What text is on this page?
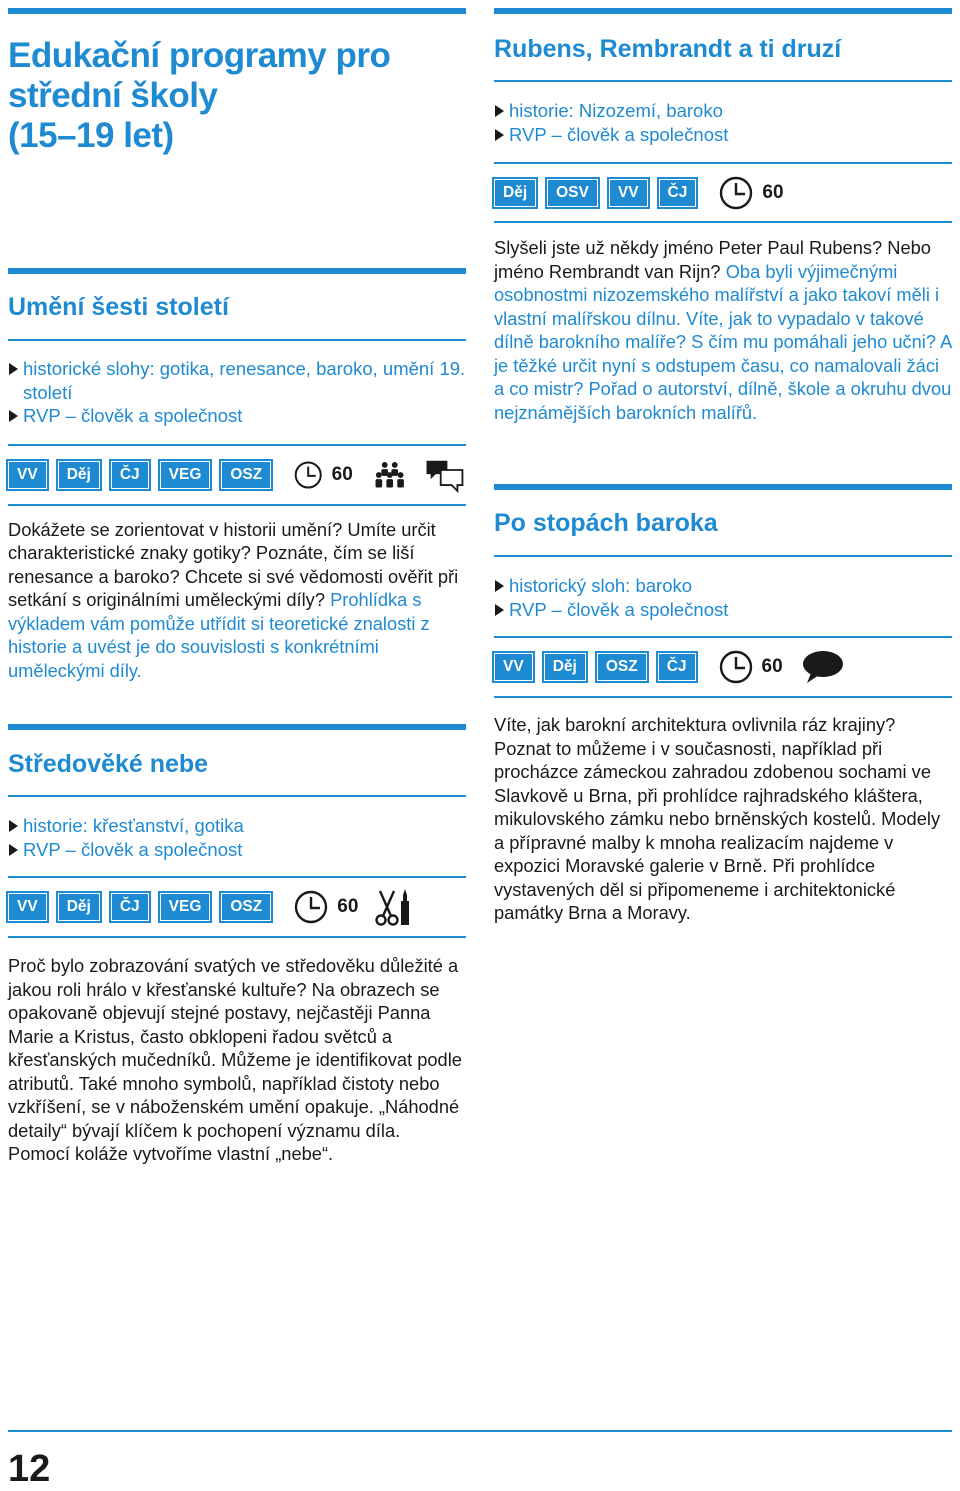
Edukační programy pro
střední školy
(15–19 let)
Umění šesti století
historické slohy: gotika, renesance, baroko, umění 19. století
RVP – člověk a společnost
VV	Děj	ČJ	VEG	OSZ	60
Dokážete se zorientovat v historii umění? Umíte určit charakteristické znaky gotiky? Poznáte, čím se liší renesance a baroko? Chcete si své vědomosti ověřit při setkání s originálními uměleckými díly? Prohlídka s výkladem vám pomůže utřídit si teoretické znalosti z historie a uvést je do souvislosti s konkrétními uměleckými díly.
Středověké nebe
historie: křesťanství, gotika
RVP – člověk a společnost
VV	Děj	ČJ	VEG	OSZ	60
Proč bylo zobrazování svatých ve středověku důležité a jakou roli hrálo v křesťanské kultuře? Na obrazech se opakovaně objevují stejné postavy, nejčastěji Panna Marie a Kristus, často obklopeni řadou světců a křesťanských mučedníků. Můžeme je identifikovat podle atributů. Také mnoho symbolů, například čistoty nebo vzkříšení, se v náboženském umění opakuje. „Náhodné detaily“ bývají klíčem k pochopení významu díla. Pomocí koláže vytvoříme vlastní „nebe“.
Rubens, Rembrandt a ti druzí
historie: Nizozemí, baroko
RVP – člověk a společnost
Děj	OSV	VV	ČJ	60
Slyšeli jste už někdy jméno Peter Paul Rubens? Nebo jméno Rembrandt van Rijn? Oba byli výjimečnými osobnostmi nizozemského malířství a jako takoví měli i vlastní malířskou dílnu. Víte, jak to vypadalo v takové dílně barokního malíře? S čím mu pomáhali jeho učni? A je těžké určit nyní s odstupem času, co namalovali žáci a co mistr? Pořad o autorství, dílně, škole a okruhu dvou nejznámějších barokních malířů.
Po stopách baroka
historický sloh: baroko
RVP – člověk a společnost
VV	Děj	OSZ	ČJ	60
Víte, jak barokní architektura ovlivnila ráz krajiny? Poznat to můžeme i v současnosti, například při procházce zámeckou zahradou zdobenou sochami ve Slavkově u Brna, při prohlídce rajhradského kláštera, mikulovského zámku nebo brněnských kostelů. Modely a přípravné malby k mnoha realizacím najdeme v expozici Moravské galerie v Brně. Při prohlídce vystavených děl si připomeneme i architektonické památky Brna a Moravy.
12
